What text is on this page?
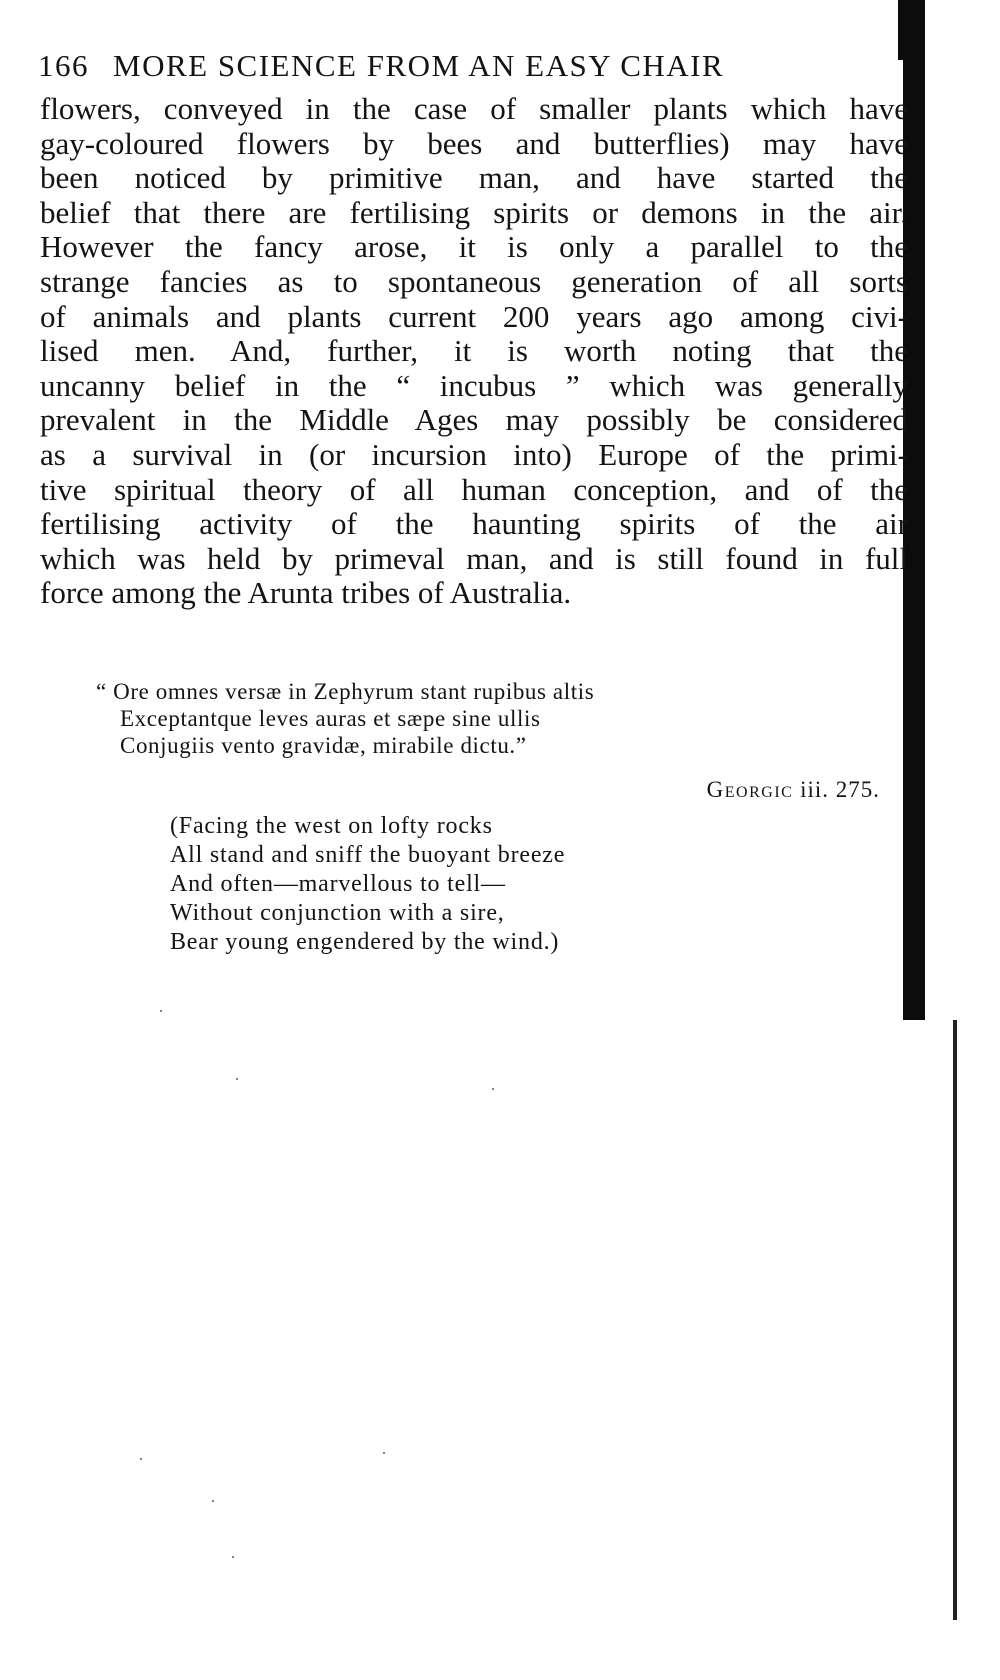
166 MORE SCIENCE FROM AN EASY CHAIR
flowers, conveyed in the case of smaller plants which have
gay-coloured flowers by bees and butterflies) may have
been noticed by primitive man, and have started the
belief that there are fertilising spirits or demons in the air.
However the fancy arose, it is only a parallel to the
strange fancies as to spontaneous generation of all sorts
of animals and plants current 200 years ago among civi-
lised men. And, further, it is worth noting that the
uncanny belief in the “ incubus ” which was generally
prevalent in the Middle Ages may possibly be considered
as a survival in (or incursion into) Europe of the primi-
tive spiritual theory of all human conception, and of the
fertilising activity of the haunting spirits of the air
which was held by primeval man, and is still found in full
force among the Arunta tribes of Australia.
“ Ore omnes versæ in Zephyrum stant rupibus altis
Exceptantque leves auras et sæpe sine ullis
Conjugiis vento gravidæ, mirabile dictu.”
Georgic iii. 275.
(Facing the west on lofty rocks
All stand and sniff the buoyant breeze
And often—marvellous to tell—
Without conjunction with a sire,
Bear young engendered by the wind.)
